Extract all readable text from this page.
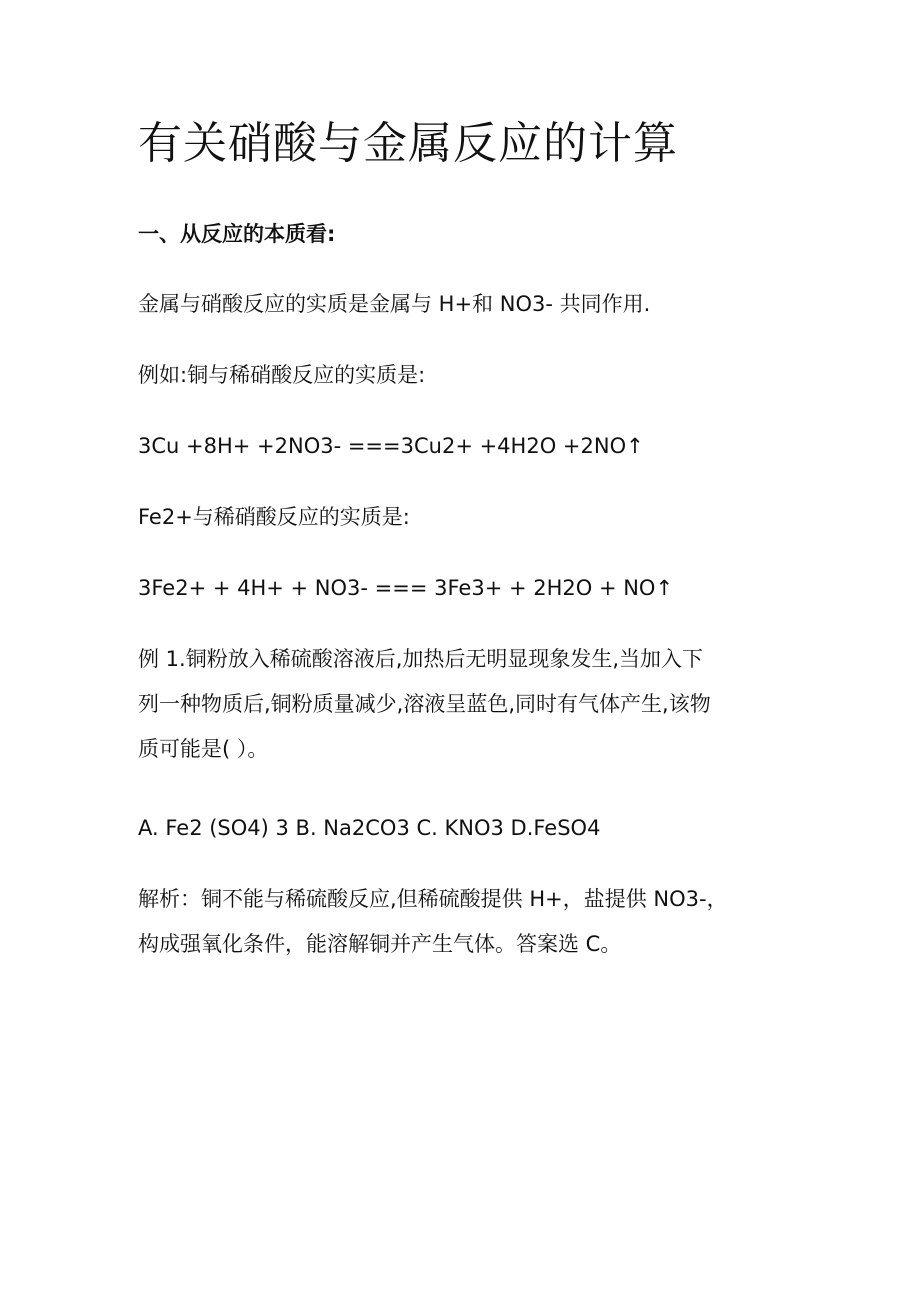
有关硝酸与金属反应的计算
一、从反应的本质看:

金属与硝酸反应的实质是金属与 H+和 NO3- 共同作用.

例如:铜与稀硝酸反应的实质是:

3Cu +8H+ +2NO3- ===3Cu2+ +4H2O +2NO↑

Fe2+与稀硝酸反应的实质是:

3Fe2+ + 4H+ + NO3- === 3Fe3+ + 2H2O + NO↑

例 1.铜粉放入稀硫酸溶液后,加热后无明显现象发生,当加入下
列一种物质后,铜粉质量减少,溶液呈蓝色,同时有气体产生,该物
质可能是( ）。

A. Fe2 (SO4) 3 B. Na2CO3 C. KNO3 D.FeSO4

解析：铜不能与稀硫酸反应,但稀硫酸提供 H+，盐提供 NO3-，
构成强氧化条件，能溶解铜并产生气体。答案选 C。
